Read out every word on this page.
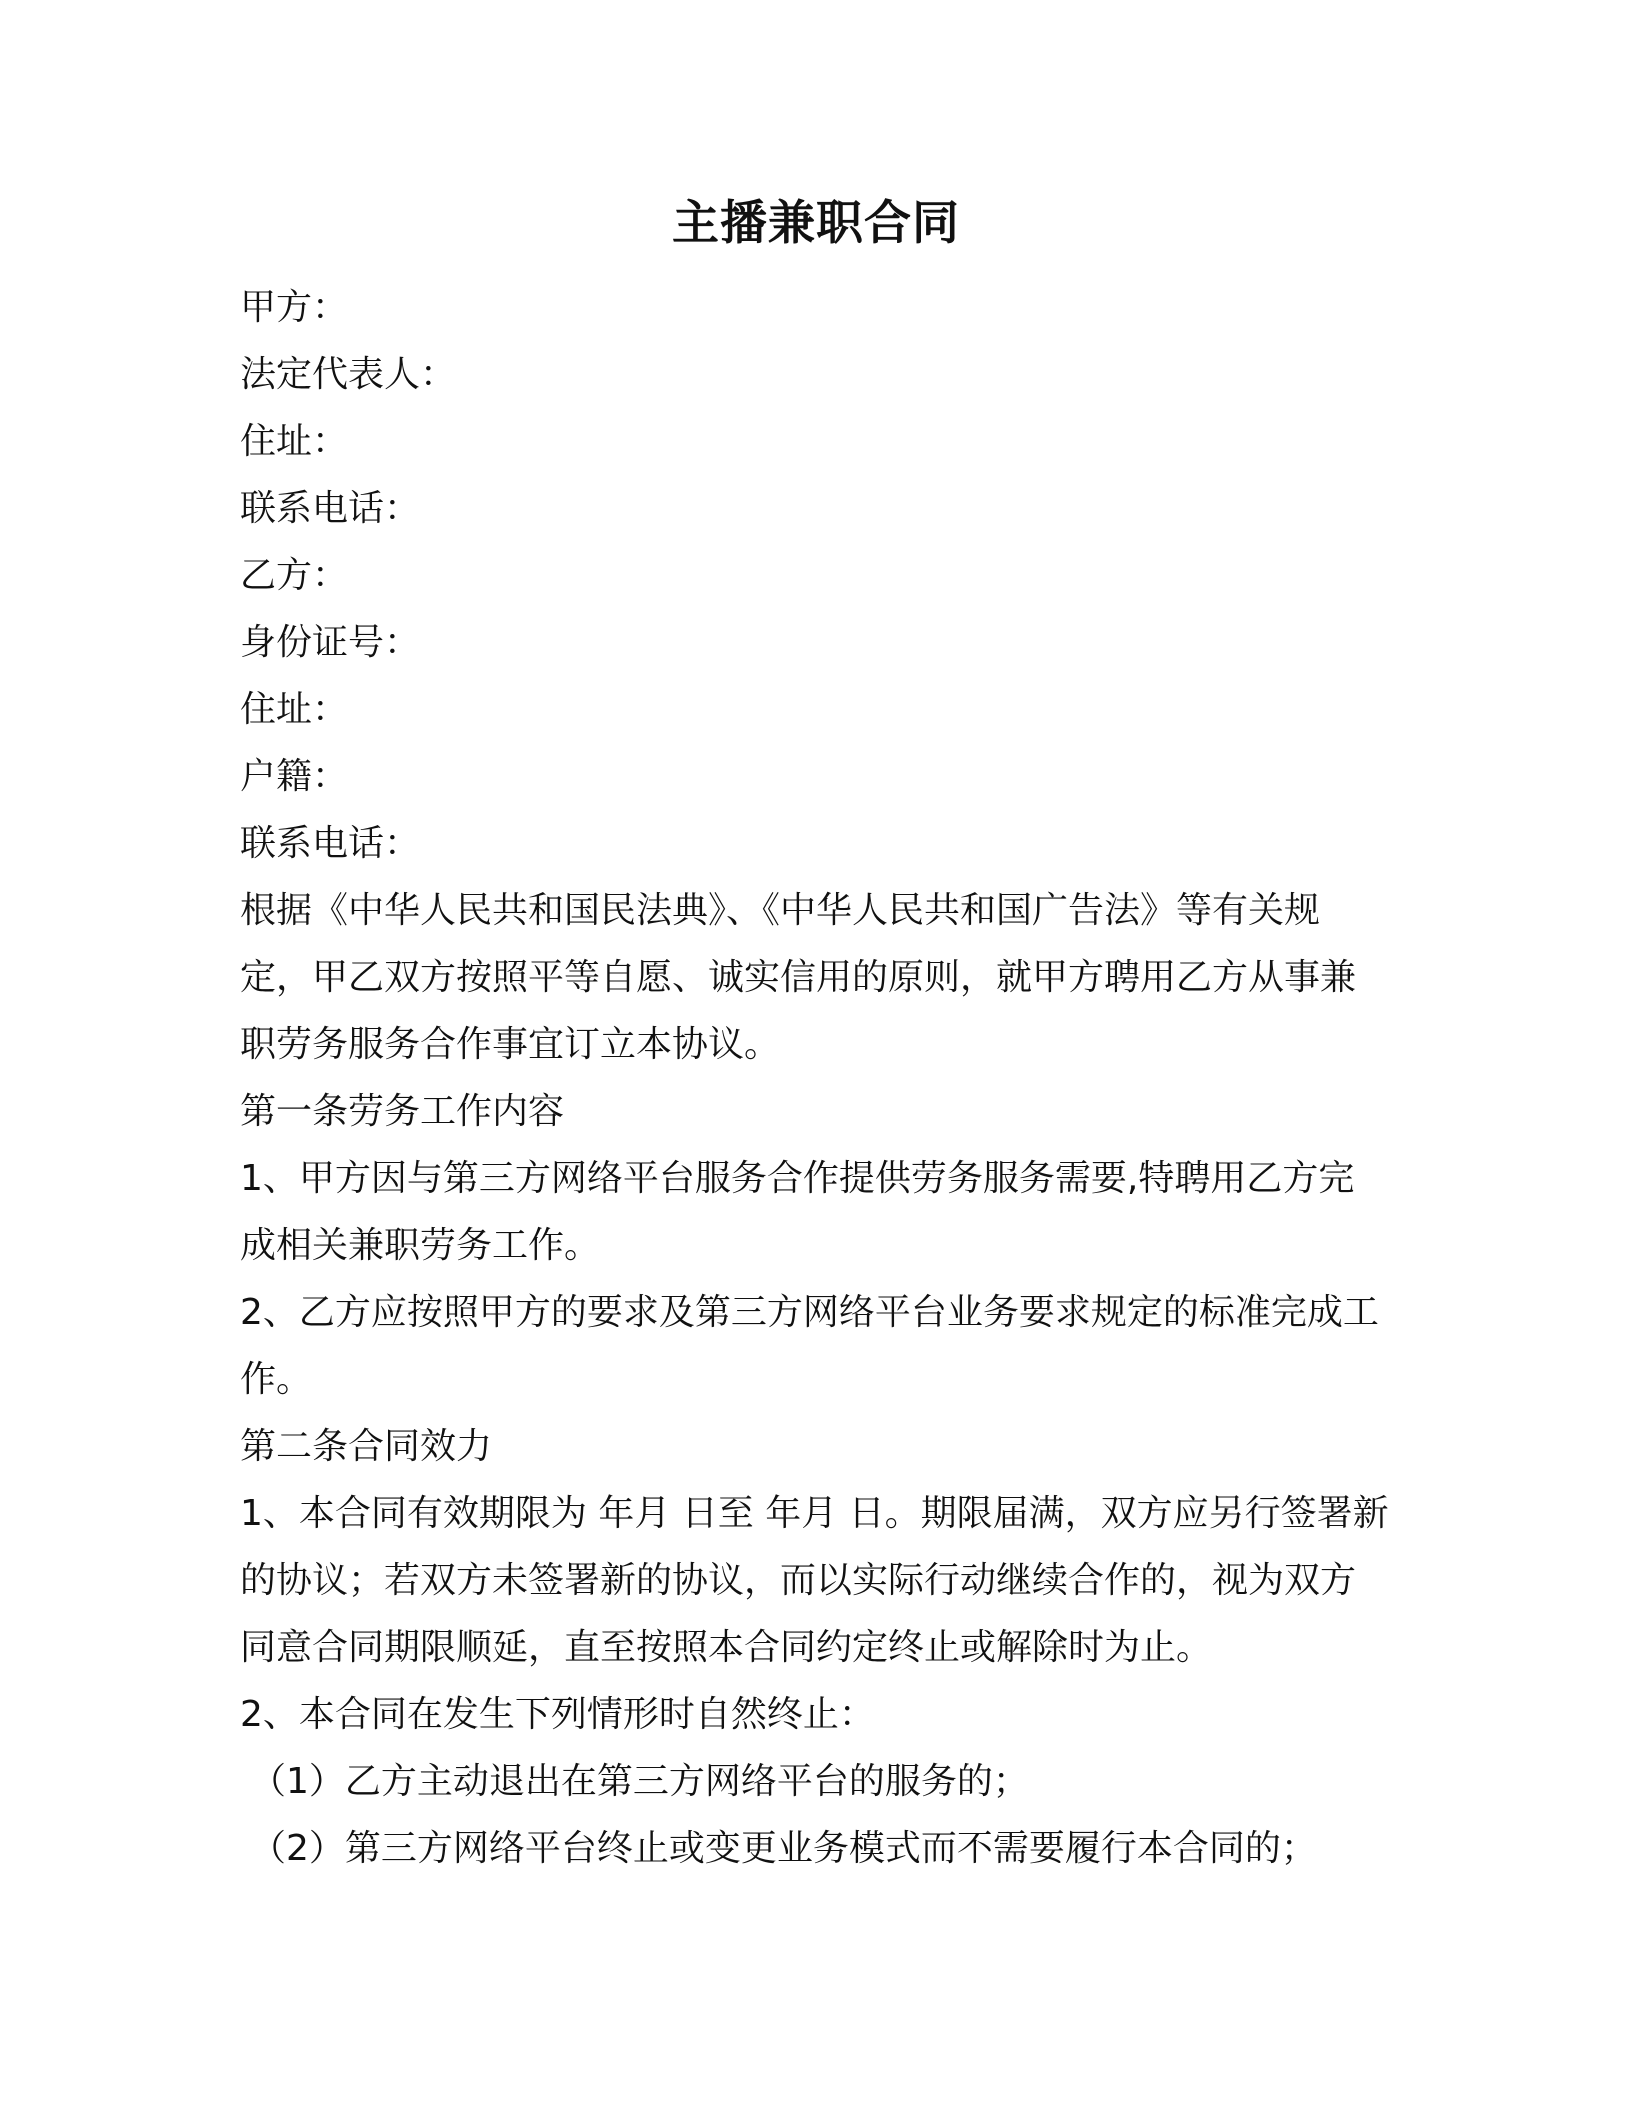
主播兼职合同
甲方：
法定代表人：
住址：
联系电话：
乙方：
身份证号：
住址：
户籍：
联系电话：
根据《中华人民共和国民法典》、《中华人民共和国广告法》等有关规定，甲乙双方按照平等自愿、诚实信用的原则，就甲方聘用乙方从事兼职劳务服务合作事宜订立本协议。
第一条劳务工作内容
1、甲方因与第三方网络平台服务合作提供劳务服务需要,特聘用乙方完成相关兼职劳务工作。
2、乙方应按照甲方的要求及第三方网络平台业务要求规定的标准完成工作。
第二条合同效力
1、本合同有效期限为 年月 日至 年月 日。期限届满，双方应另行签署新的协议；若双方未签署新的协议，而以实际行动继续合作的，视为双方同意合同期限顺延，直至按照本合同约定终止或解除时为止。
2、本合同在发生下列情形时自然终止：
（1）乙方主动退出在第三方网络平台的服务的；
（2）第三方网络平台终止或变更业务模式而不需要履行本合同的；
